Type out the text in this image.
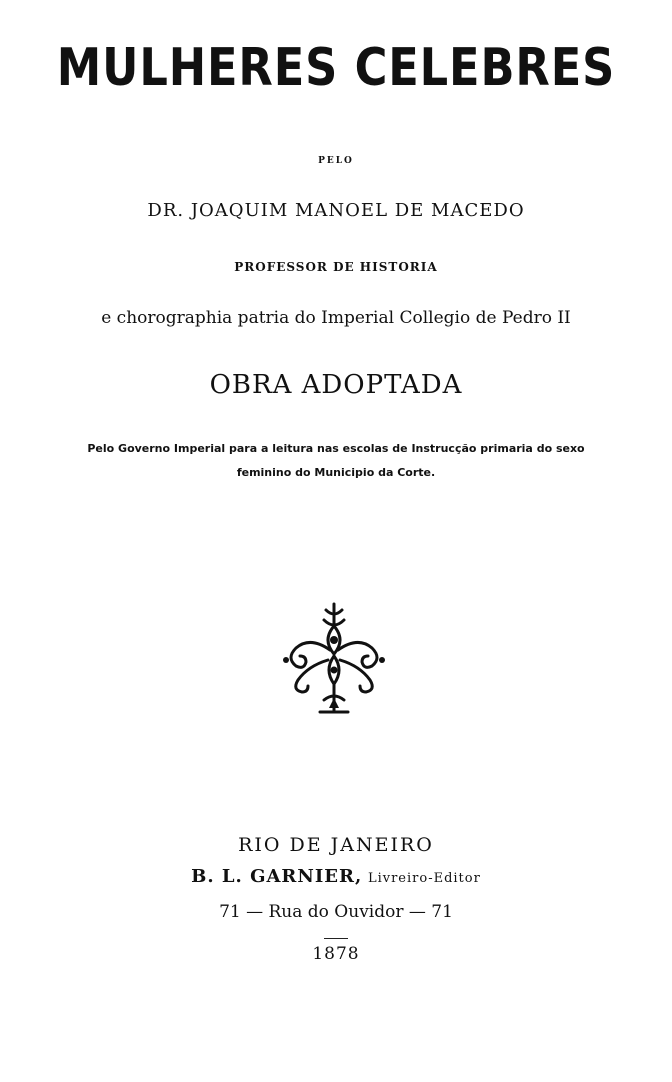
MULHERES CELEBRES
PELO
DR. JOAQUIM MANOEL DE MACEDO
PROFESSOR DE HISTORIA
e chorographia patria do Imperial Collegio de Pedro II
OBRA ADOPTADA
Pelo Governo Imperial para a leitura nas escolas de Instrucção primaria do sexo
feminino do Municipio da Corte.
RIO DE JANEIRO
B. L. GARNIER, Livreiro-Editor
71 — Rua do Ouvidor — 71
1878
